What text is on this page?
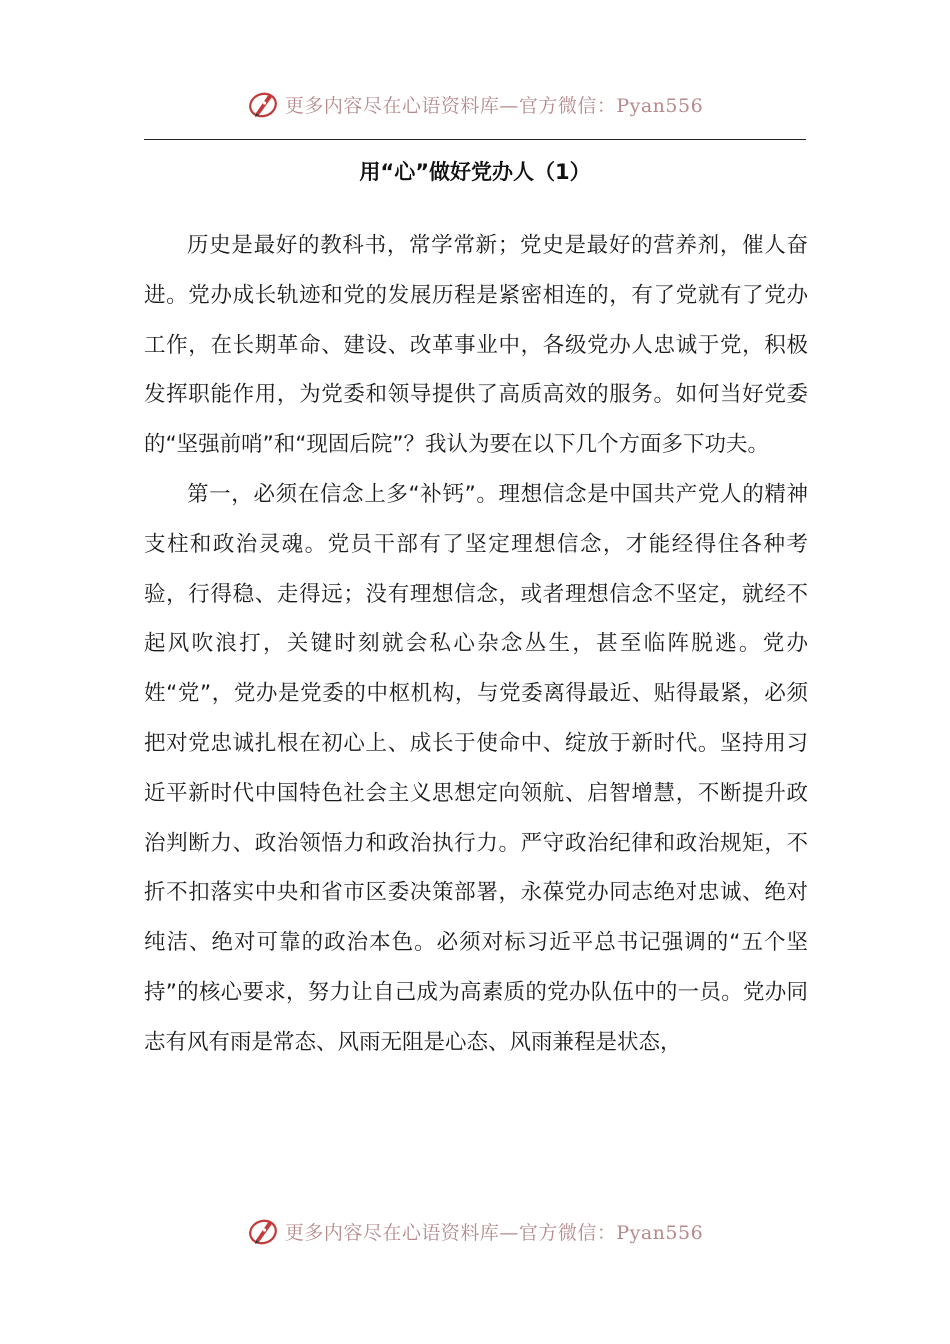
更多内容尽在心语资料库—官方微信：Pyan556
用“心”做好党办人（1）

历史是最好的教科书，常学常新；党史是最好的营养剂，催人奋进。党办成长轨迹和党的发展历程是紧密相连的，有了党就有了党办工作，在长期革命、建设、改革事业中，各级党办人忠诚于党，积极发挥职能作用，为党委和领导提供了高质高效的服务。如何当好党委的“坚强前哨”和“现固后院”？我认为要在以下几个方面多下功夫。

第一，必须在信念上多“补钙”。理想信念是中国共产党人的精神支柱和政治灵魂。党员干部有了坚定理想信念，才能经得住各种考验，行得稳、走得远；没有理想信念，或者理想信念不坚定，就经不起风吹浪打，关键时刻就会私心杂念丛生，甚至临阵脱逃。党办姓“党”，党办是党委的中枢机构，与党委离得最近、贴得最紧，必须把对党忠诚扎根在初心上、成长于使命中、绽放于新时代。坚持用习近平新时代中国特色社会主义思想定向领航、启智增慧，不断提升政治判断力、政治领悟力和政治执行力。严守政治纪律和政治规矩，不折不扣落实中央和省市区委决策部署，永葆党办同志绝对忠诚、绝对纯洁、绝对可靠的政治本色。必须对标习近平总书记强调的“五个坚持”的核心要求，努力让自己成为高素质的党办队伍中的一员。党办同志有风有雨是常态、风雨无阻是心态、风雨兼程是状态，

更多内容尽在心语资料库—官方微信：Pyan556
